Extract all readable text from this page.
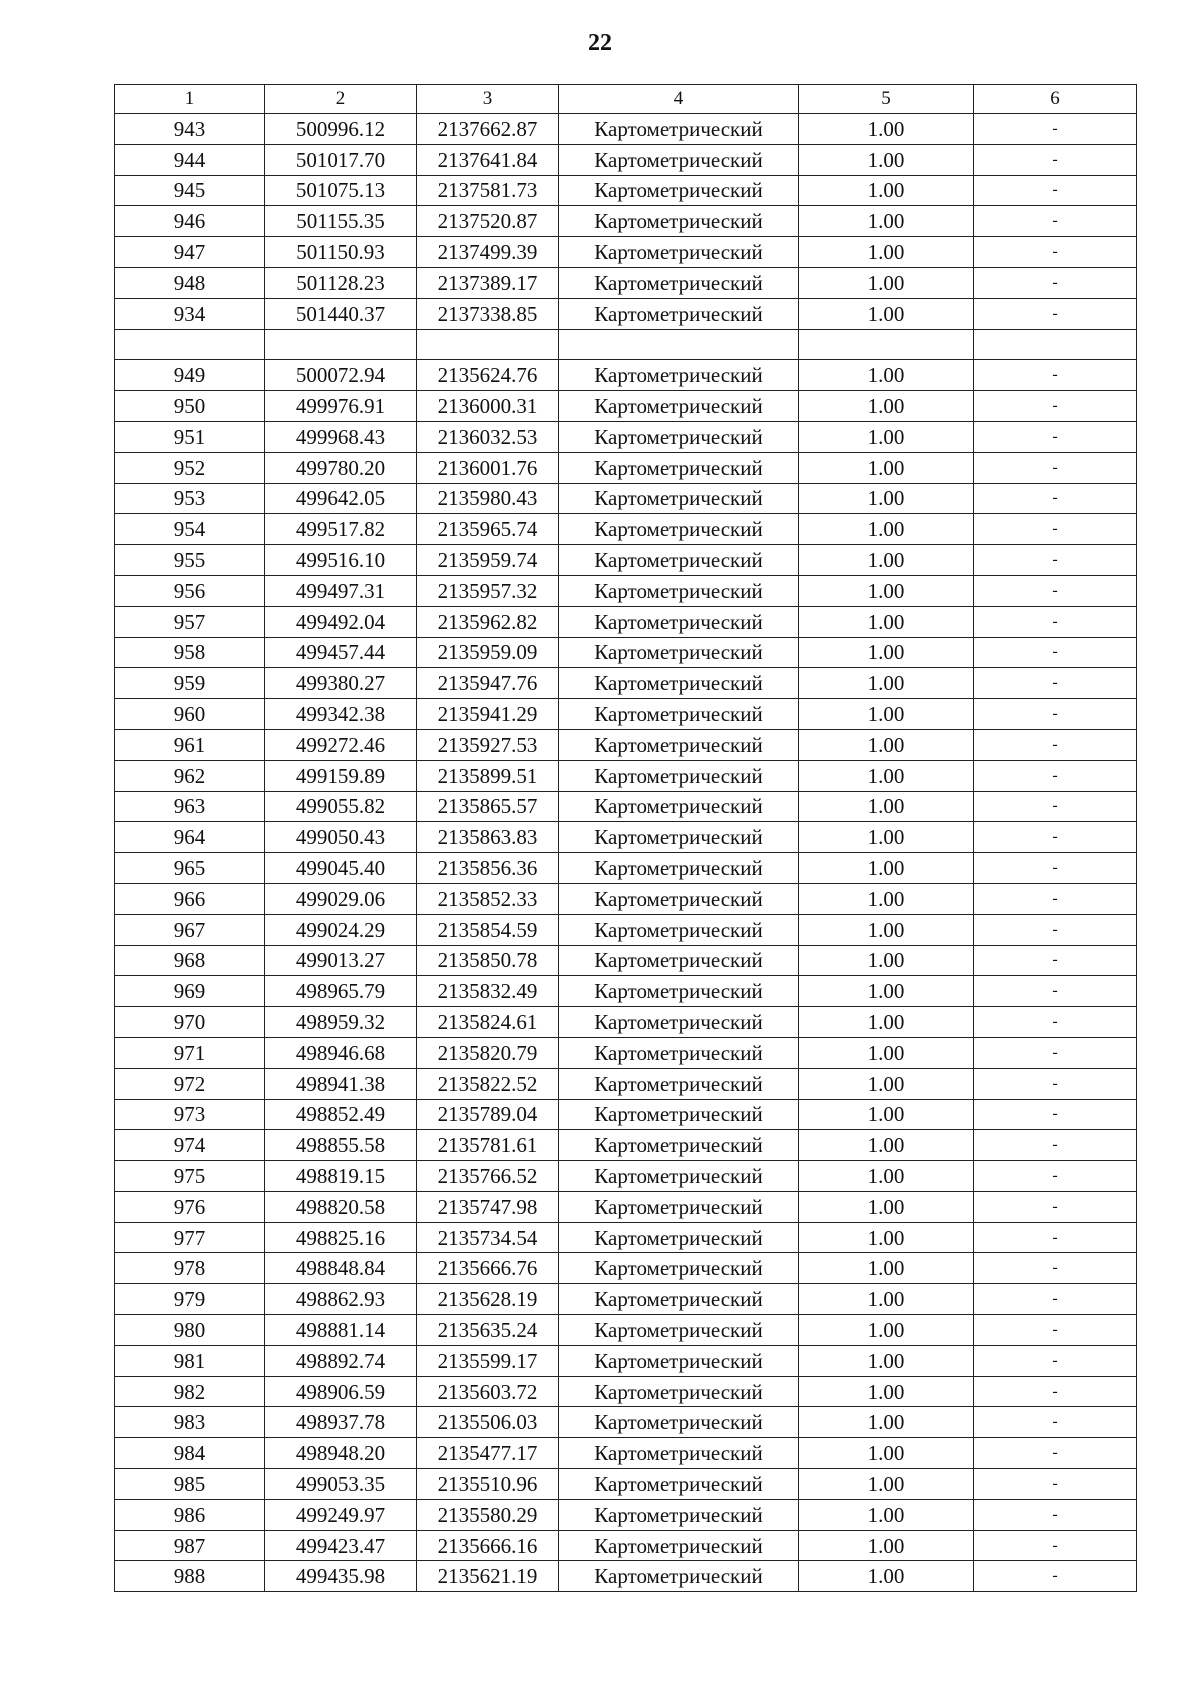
22
1	2	3	4	5	6
943	500996.12	2137662.87	Картометрический	1.00	-
944	501017.70	2137641.84	Картометрический	1.00	-
945	501075.13	2137581.73	Картометрический	1.00	-
946	501155.35	2137520.87	Картометрический	1.00	-
947	501150.93	2137499.39	Картометрический	1.00	-
948	501128.23	2137389.17	Картометрический	1.00	-
934	501440.37	2137338.85	Картометрический	1.00	-

949	500072.94	2135624.76	Картометрический	1.00	-
950	499976.91	2136000.31	Картометрический	1.00	-
951	499968.43	2136032.53	Картометрический	1.00	-
952	499780.20	2136001.76	Картометрический	1.00	-
953	499642.05	2135980.43	Картометрический	1.00	-
954	499517.82	2135965.74	Картометрический	1.00	-
955	499516.10	2135959.74	Картометрический	1.00	-
956	499497.31	2135957.32	Картометрический	1.00	-
957	499492.04	2135962.82	Картометрический	1.00	-
958	499457.44	2135959.09	Картометрический	1.00	-
959	499380.27	2135947.76	Картометрический	1.00	-
960	499342.38	2135941.29	Картометрический	1.00	-
961	499272.46	2135927.53	Картометрический	1.00	-
962	499159.89	2135899.51	Картометрический	1.00	-
963	499055.82	2135865.57	Картометрический	1.00	-
964	499050.43	2135863.83	Картометрический	1.00	-
965	499045.40	2135856.36	Картометрический	1.00	-
966	499029.06	2135852.33	Картометрический	1.00	-
967	499024.29	2135854.59	Картометрический	1.00	-
968	499013.27	2135850.78	Картометрический	1.00	-
969	498965.79	2135832.49	Картометрический	1.00	-
970	498959.32	2135824.61	Картометрический	1.00	-
971	498946.68	2135820.79	Картометрический	1.00	-
972	498941.38	2135822.52	Картометрический	1.00	-
973	498852.49	2135789.04	Картометрический	1.00	-
974	498855.58	2135781.61	Картометрический	1.00	-
975	498819.15	2135766.52	Картометрический	1.00	-
976	498820.58	2135747.98	Картометрический	1.00	-
977	498825.16	2135734.54	Картометрический	1.00	-
978	498848.84	2135666.76	Картометрический	1.00	-
979	498862.93	2135628.19	Картометрический	1.00	-
980	498881.14	2135635.24	Картометрический	1.00	-
981	498892.74	2135599.17	Картометрический	1.00	-
982	498906.59	2135603.72	Картометрический	1.00	-
983	498937.78	2135506.03	Картометрический	1.00	-
984	498948.20	2135477.17	Картометрический	1.00	-
985	499053.35	2135510.96	Картометрический	1.00	-
986	499249.97	2135580.29	Картометрический	1.00	-
987	499423.47	2135666.16	Картометрический	1.00	-
988	499435.98	2135621.19	Картометрический	1.00	-
